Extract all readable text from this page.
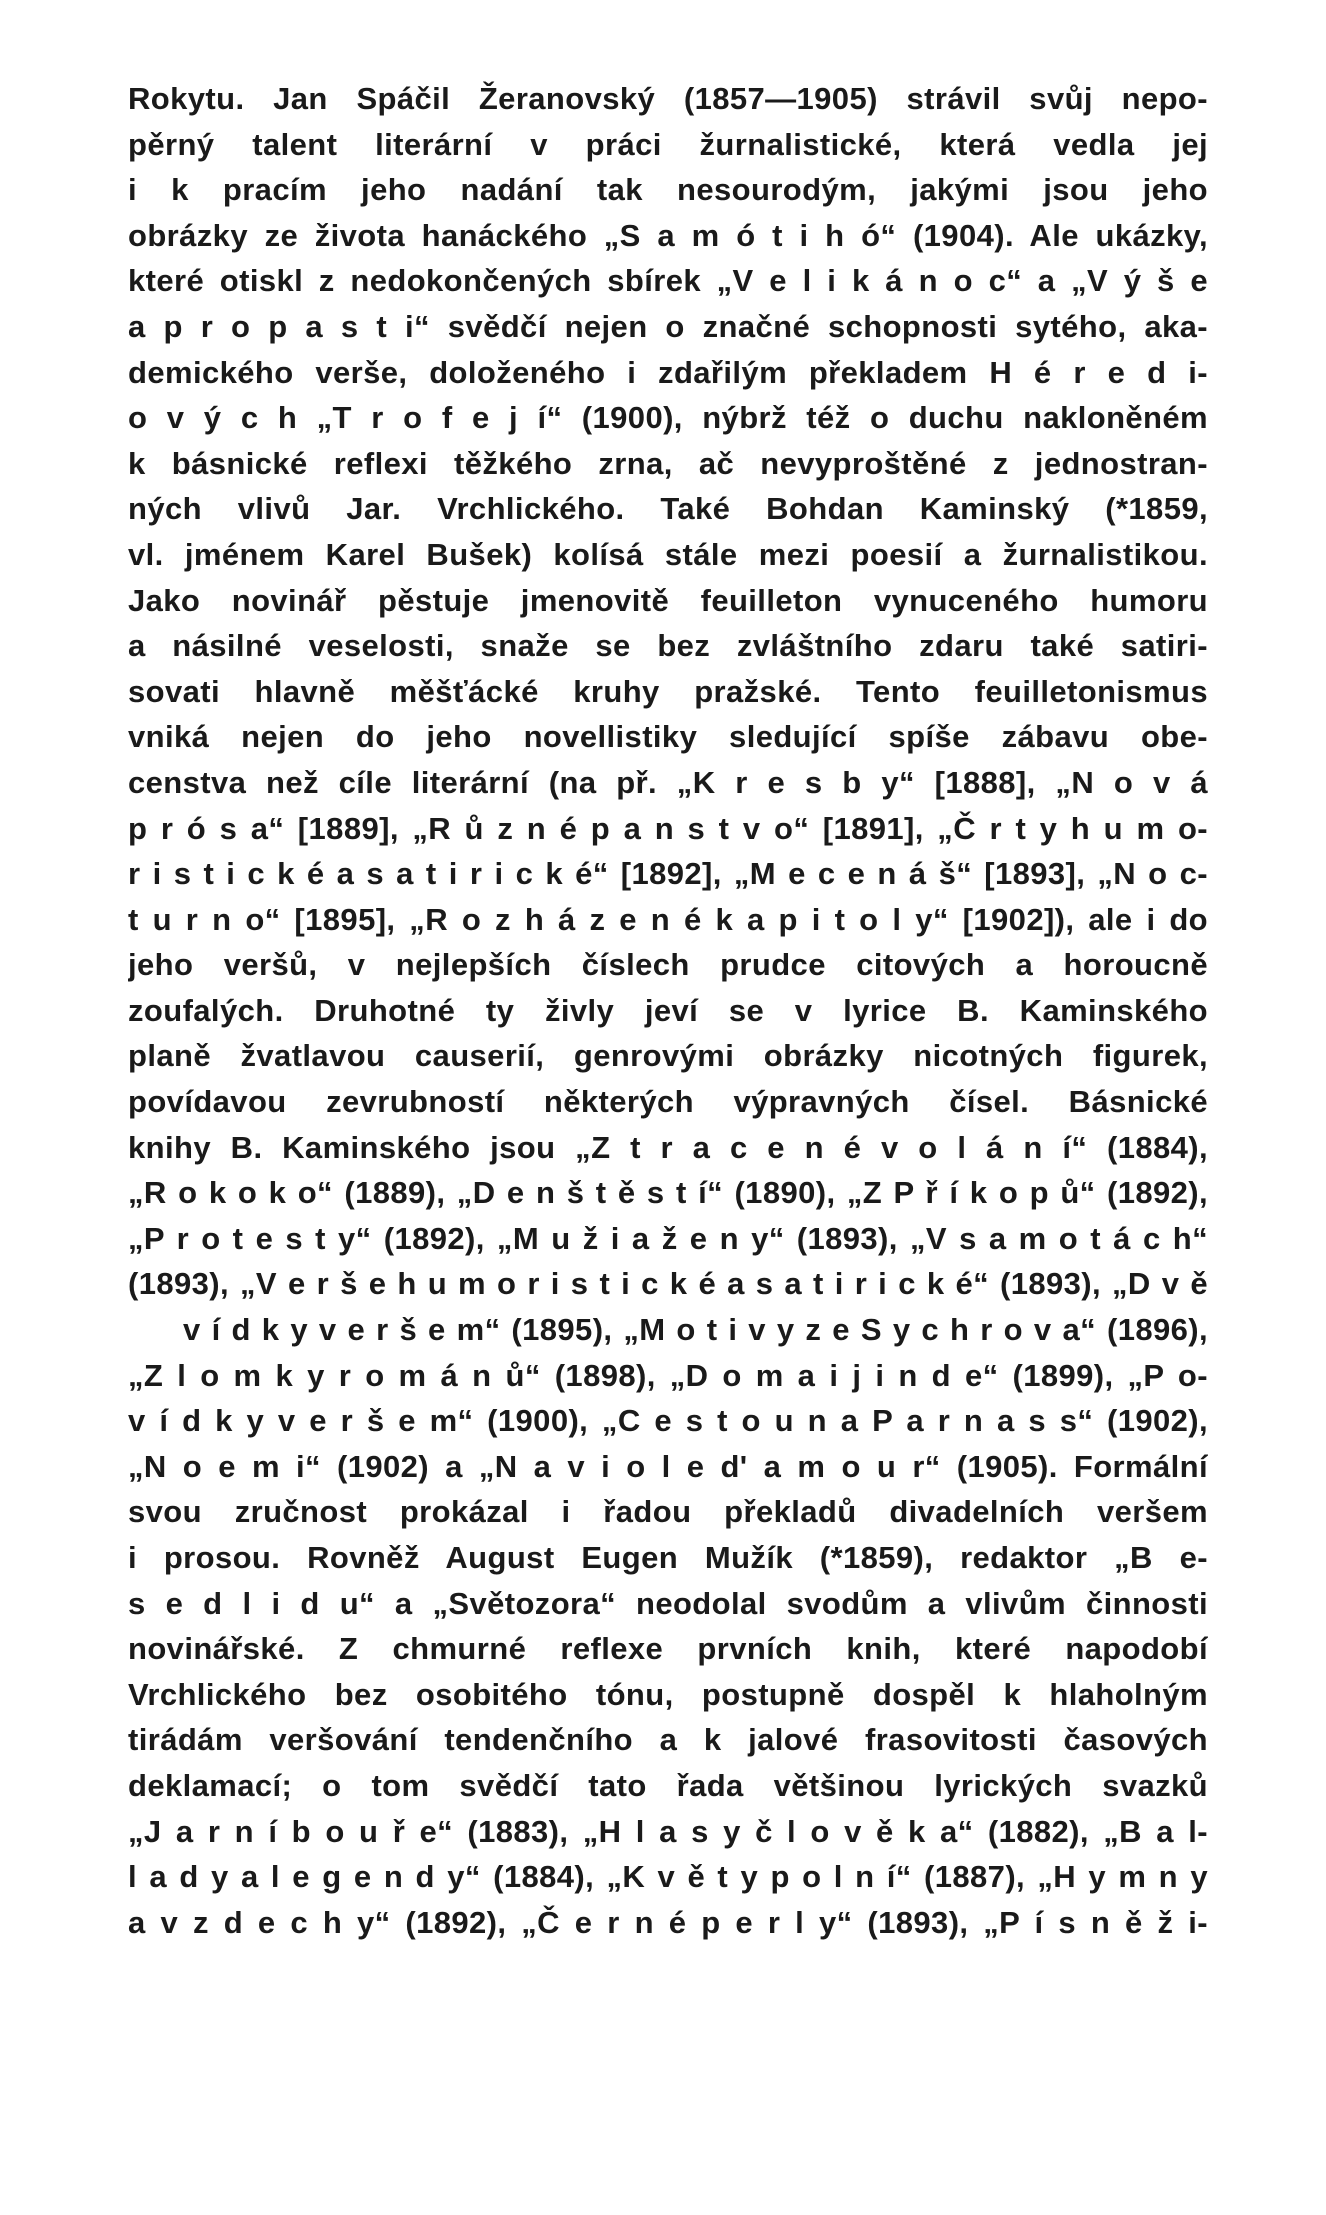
Rokytu. Jan Spáčil Žeranovský (1857—1905) strávil svůj nepo-
pěrný talent literární v práci žurnalistické, která vedla jej
i k pracím jeho nadání tak nesourodým, jakými jsou jeho
obrázky ze života hanáckého „S a m ó t i h ó“ (1904). Ale ukázky,
které otiskl z nedokončených sbírek „V e l i k á n o c“ a „V ý š e
a p r o p a s t i“ svědčí nejen o značné schopnosti sytého, aka-
demického verše, doloženého i zdařilým překladem H é r e d i-
o v ý c h „T r o f e j í“ (1900), nýbrž též o duchu nakloněném
k básnické reflexi těžkého zrna, ač nevyproštěné z jednostran-
ných vlivů Jar. Vrchlického. Také Bohdan Kaminský (*1859,
vl. jménem Karel Bušek) kolísá stále mezi poesií a žurnalistikou.
Jako novinář pěstuje jmenovitě feuilleton vynuceného humoru
a násilné veselosti, snaže se bez zvláštního zdaru také satiri-
sovati hlavně měšťácké kruhy pražské. Tento feuilletonismus
vniká nejen do jeho novellistiky sledující spíše zábavu obe-
censtva než cíle literární (na př. „K r e s b y“ [1888], „N o v á
p r ó s a“ [1889], „R ů z n é p a n s t v o“ [1891], „Č r t y h u m o-
r i s t i c k é a s a t i r i c k é“ [1892], „M e c e n á š“ [1893], „N o c-
t u r n o“ [1895], „R o z h á z e n é k a p i t o l y“ [1902]), ale i do
jeho veršů, v nejlepších číslech prudce citových a horoucně
zoufalých. Druhotné ty živly jeví se v lyrice B. Kaminského
planě žvatlavou causerií, genrovými obrázky nicotných figurek,
povídavou zevrubností některých výpravných čísel. Básnické
knihy B. Kaminského jsou „Z t r a c e n é v o l á n í“ (1884),
„R o k o k o“ (1889), „D e n š t ě s t í“ (1890), „Z P ř í k o p ů“ (1892),
„P r o t e s t y“ (1892), „M u ž i a ž e n y“ (1893), „V s a m o t á c h“
(1893), „V e r š e h u m o r i s t i c k é a s a t i r i c k é“ (1893), „D v ě
v í d k y v e r š e m“ (1895), „M o t i v y z e S y c h r o v a“ (1896),
„Z l o m k y r o m á n ů“ (1898), „D o m a i j i n d e“ (1899), „P o-
v í d k y v e r š e m“ (1900), „C e s t o u n a P a r n a s s“ (1902),
„N o e m i“ (1902) a „N a v i o l e d' a m o u r“ (1905). Formální
svou zručnost prokázal i řadou překladů divadelních veršem
i prosou. Rovněž August Eugen Mužík (*1859), redaktor „B e-
s e d l i d u“ a „Světozora“ neodolal svodům a vlivům činnosti
novinářské. Z chmurné reflexe prvních knih, které napodobí
Vrchlického bez osobitého tónu, postupně dospěl k hlaholným
tirádám veršování tendenčního a k jalové frasovitosti časových
deklamací; o tom svědčí tato řada většinou lyrických svazků
„J a r n í b o u ř e“ (1883), „H l a s y č l o v ě k a“ (1882), „B a l-
l a d y a l e g e n d y“ (1884), „K v ě t y p o l n í“ (1887), „H y m n y
a v z d e c h y“ (1892), „Č e r n é p e r l y“ (1893), „P í s n ě ž i-
